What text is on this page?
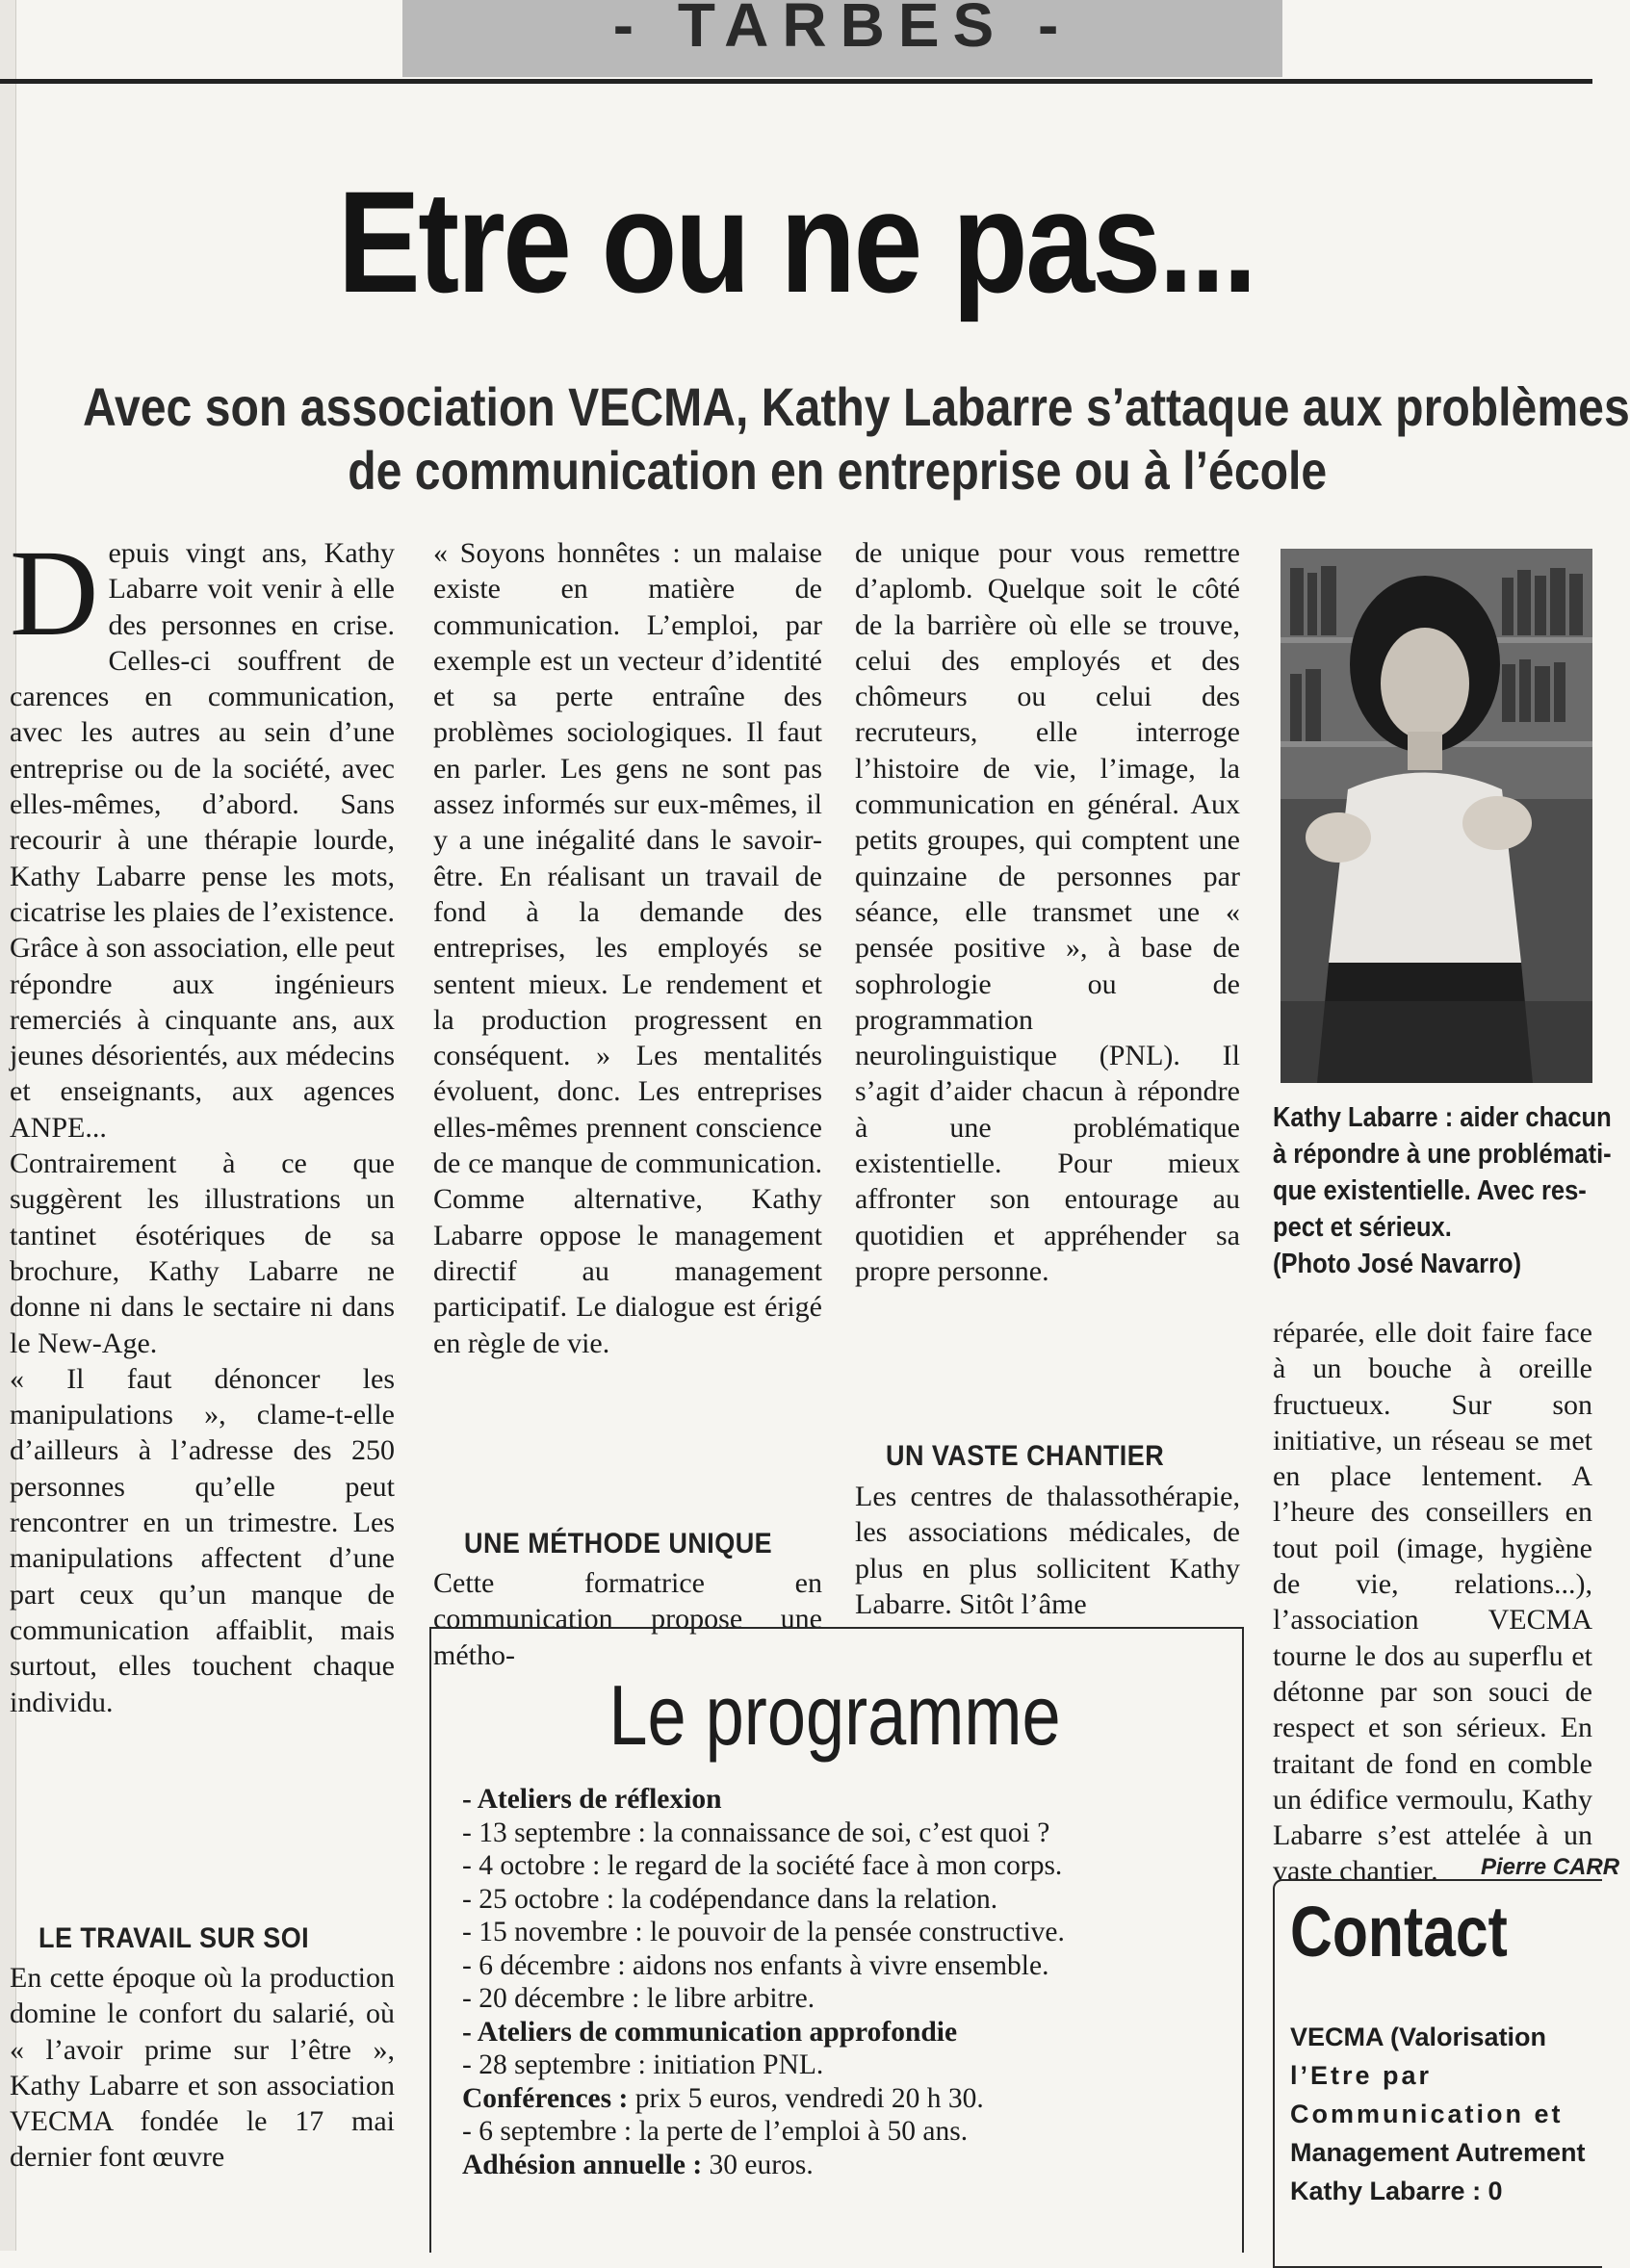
- TARBES -
Etre ou ne pas...
Avec son association VECMA, Kathy Labarre s’attaque aux problèmes
de communication en entreprise ou à l’école

Depuis vingt ans, Kathy Labarre voit venir à elle des personnes en crise. Celles-ci souffrent de carences en communication, avec les autres au sein d’une entreprise ou de la société, avec elles-mêmes, d’abord. Sans recourir à une thérapie lourde, Kathy Labarre pense les mots, cicatrise les plaies de l’existence. Grâce à son association, elle peut répondre aux ingénieurs remerciés à cinquante ans, aux jeunes désorientés, aux médecins et enseignants, aux agences ANPE...

Contrairement à ce que suggèrent les illustrations un tantinet ésotériques de sa brochure, Kathy Labarre ne donne ni dans le sectaire ni dans le New-Age.

« Il faut dénoncer les manipulations », clame-t-elle d’ailleurs à l’adresse des 250 personnes qu’elle peut rencontrer en un trimestre. Les manipulations affectent d’une part ceux qu’un manque de communication affaiblit, mais surtout, elles touchent chaque individu.

LE TRAVAIL SUR SOI

En cette époque où la production domine le confort du salarié, où « l’avoir prime sur l’être », Kathy Labarre et son association VECMA fondée le 17 mai dernier font œuvre

« Soyons honnêtes : un malaise existe en matière de communication. L’emploi, par exemple est un vecteur d’identité et sa perte entraîne des problèmes sociologiques. Il faut en parler. Les gens ne sont pas assez informés sur eux-mêmes, il y a une inégalité dans le savoir-être. En réalisant un travail de fond à la demande des entreprises, les employés se sentent mieux. Le rendement et la production progressent en conséquent. » Les mentalités évoluent, donc. Les entreprises elles-mêmes prennent conscience de ce manque de communication. Comme alternative, Kathy Labarre oppose le management directif au management participatif. Le dialogue est érigé en règle de vie.

UNE MÉTHODE UNIQUE

Cette formatrice en communication propose une métho-

de unique pour vous remettre d’aplomb. Quelque soit le côté de la barrière où elle se trouve, celui des employés et des chômeurs ou celui des recruteurs, elle interroge l’histoire de vie, l’image, la communication en général. Aux petits groupes, qui comptent une quinzaine de personnes par séance, elle transmet une « pensée positive », à base de sophrologie ou de programmation neurolinguistique (PNL). Il s’agit d’aider chacun à répondre à une problématique existentielle. Pour mieux affronter son entourage au quotidien et appréhender sa propre personne.

UN VASTE CHANTIER

Les centres de thalassothérapie, les associations médicales, de plus en plus sollicitent Kathy Labarre. Sitôt l’âme

Kathy Labarre : aider chacun
à répondre à une problémati-
que existentielle. Avec res-
pect et sérieux.
(Photo José Navarro)

réparée, elle doit faire face à un bouche à oreille fructueux. Sur son initiative, un réseau se met en place lentement. A l’heure des conseillers en tout poil (image, hygiène de vie, relations...), l’association VECMA tourne le dos au superflu et détonne par son souci de respect et son sérieux. En traitant de fond en comble un édifice vermoulu, Kathy Labarre s’est attelée à un vaste chantier.	Pierre CARR
Le programme
- Ateliers de réflexion
- 13 septembre : la connaissance de soi, c’est quoi ?
- 4 octobre : le regard de la société face à mon corps.
- 25 octobre : la codépendance dans la relation.
- 15 novembre : le pouvoir de la pensée constructive.
- 6 décembre : aidons nos enfants à vivre ensemble.
- 20 décembre : le libre arbitre.
- Ateliers de communication approfondie
- 28 septembre : initiation PNL.
Conférences : prix 5 euros, vendredi 20 h 30.
- 6 septembre : la perte de l’emploi à 50 ans.
Adhésion annuelle : 30 euros.
Contact
VECMA (Valorisation
l’Etre par
Communication et
Management Autrement
Kathy Labarre : 0
